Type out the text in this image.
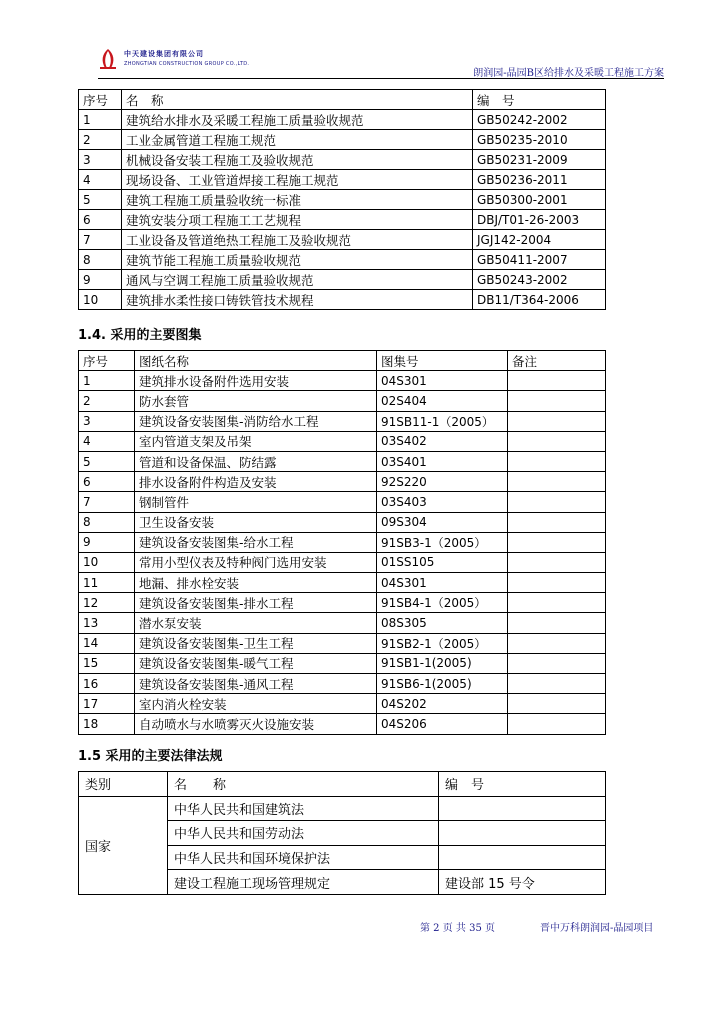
中天建设集团有限公司
ZHONGTIAN CONSTRUCTION GROUP CO.,LTD.
朗润园-晶园B区给排水及采暖工程施工方案
序号	名　称	编　号
1	建筑给水排水及采暖工程施工质量验收规范	GB50242-2002
2	工业金属管道工程施工规范	GB50235-2010
3	机械设备安装工程施工及验收规范	GB50231-2009
4	现场设备、工业管道焊接工程施工规范	GB50236-2011
5	建筑工程施工质量验收统一标准	GB50300-2001
6	建筑安装分项工程施工工艺规程	DBJ/T01-26-2003
7	工业设备及管道绝热工程施工及验收规范	JGJ142-2004
8	建筑节能工程施工质量验收规范	GB50411-2007
9	通风与空调工程施工质量验收规范	GB50243-2002
10	建筑排水柔性接口铸铁管技术规程	DB11/T364-2006
1.4. 采用的主要图集
序号	图纸名称	图集号	备注
1	建筑排水设备附件选用安装	04S301	
2	防水套管	02S404	
3	建筑设备安装图集-消防给水工程	91SB11-1（2005）	
4	室内管道支架及吊架	03S402	
5	管道和设备保温、防结露	03S401	
6	排水设备附件构造及安装	92S220	
7	钢制管件	03S403	
8	卫生设备安装	09S304	
9	建筑设备安装图集-给水工程	91SB3-1（2005）	
10	常用小型仪表及特种阀门选用安装	01SS105	
11	地漏、排水栓安装	04S301	
12	建筑设备安装图集-排水工程	91SB4-1（2005）	
13	潜水泵安装	08S305	
14	建筑设备安装图集-卫生工程	91SB2-1（2005）	
15	建筑设备安装图集-暖气工程	91SB1-1(2005)	
16	建筑设备安装图集-通风工程	91SB6-1(2005)	
17	室内消火栓安装	04S202	
18	自动喷水与水喷雾灭火设施安装	04S206	
1.5 采用的主要法律法规
类别	名　　称	编　号
国家	中华人民共和国建筑法	
	中华人民共和国劳动法	
	中华人民共和国环境保护法	
	建设工程施工现场管理规定	建设部 15 号令
第 2 页 共 35 页	晋中万科朗润园-晶园项目
